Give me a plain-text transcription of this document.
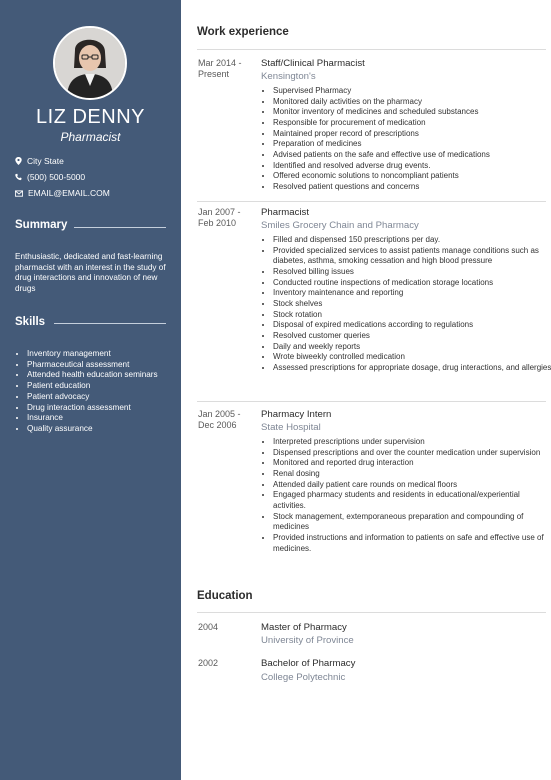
LIZ DENNY
Pharmacist
City State
(500) 500-5000
EMAIL@EMAIL.COM
Summary
Enthusiastic, dedicated and fast-learning pharmacist with an interest in the study of drug interactions and innovation of new drugs
Skills
• Inventory management
• Pharmaceutical assessment
• Attended health education seminars
• Patient education
• Patient advocacy
• Drug interaction assessment
• Insurance
• Quality assurance
Work experience
Mar 2014 - Present
Staff/Clinical Pharmacist
Kensington's
• Supervised Pharmacy
• Monitored daily activities on the pharmacy
• Monitor inventory of medicines and scheduled substances
• Responsible for procurement of medication
• Maintained proper record of prescriptions
• Preparation of medicines
• Advised patients on the safe and effective use of medications
• Identified and resolved adverse drug events.
• Offered economic solutions to noncompliant patients
• Resolved patient questions and concerns
Jan 2007 - Feb 2010
Pharmacist
Smiles Grocery Chain and Pharmacy
• Filled and dispensed 150 prescriptions per day.
• Provided specialized services to assist patients manage conditions such as diabetes, asthma, smoking cessation and high blood pressure
• Resolved billing issues
• Conducted routine inspections of medication storage locations
• Inventory maintenance and reporting
• Stock shelves
• Stock rotation
• Disposal of expired medications according to regulations
• Resolved customer queries
• Daily and weekly reports
• Wrote biweekly controlled medication
• Assessed prescriptions for appropriate dosage, drug interactions, and allergies
Jan 2005 - Dec 2006
Pharmacy Intern
State Hospital
• Interpreted prescriptions under supervision
• Dispensed prescriptions and over the counter medication under supervision
• Monitored and reported drug interaction
• Renal dosing
• Attended daily patient care rounds on medical floors
• Engaged pharmacy students and residents in educational/experiential activities.
• Stock management, extemporaneous preparation and compounding of medicines
• Provided instructions and information to patients on safe and effective use of medicines.
Education
2004	Master of Pharmacy
University of Province
2002	Bachelor of Pharmacy
College Polytechnic
